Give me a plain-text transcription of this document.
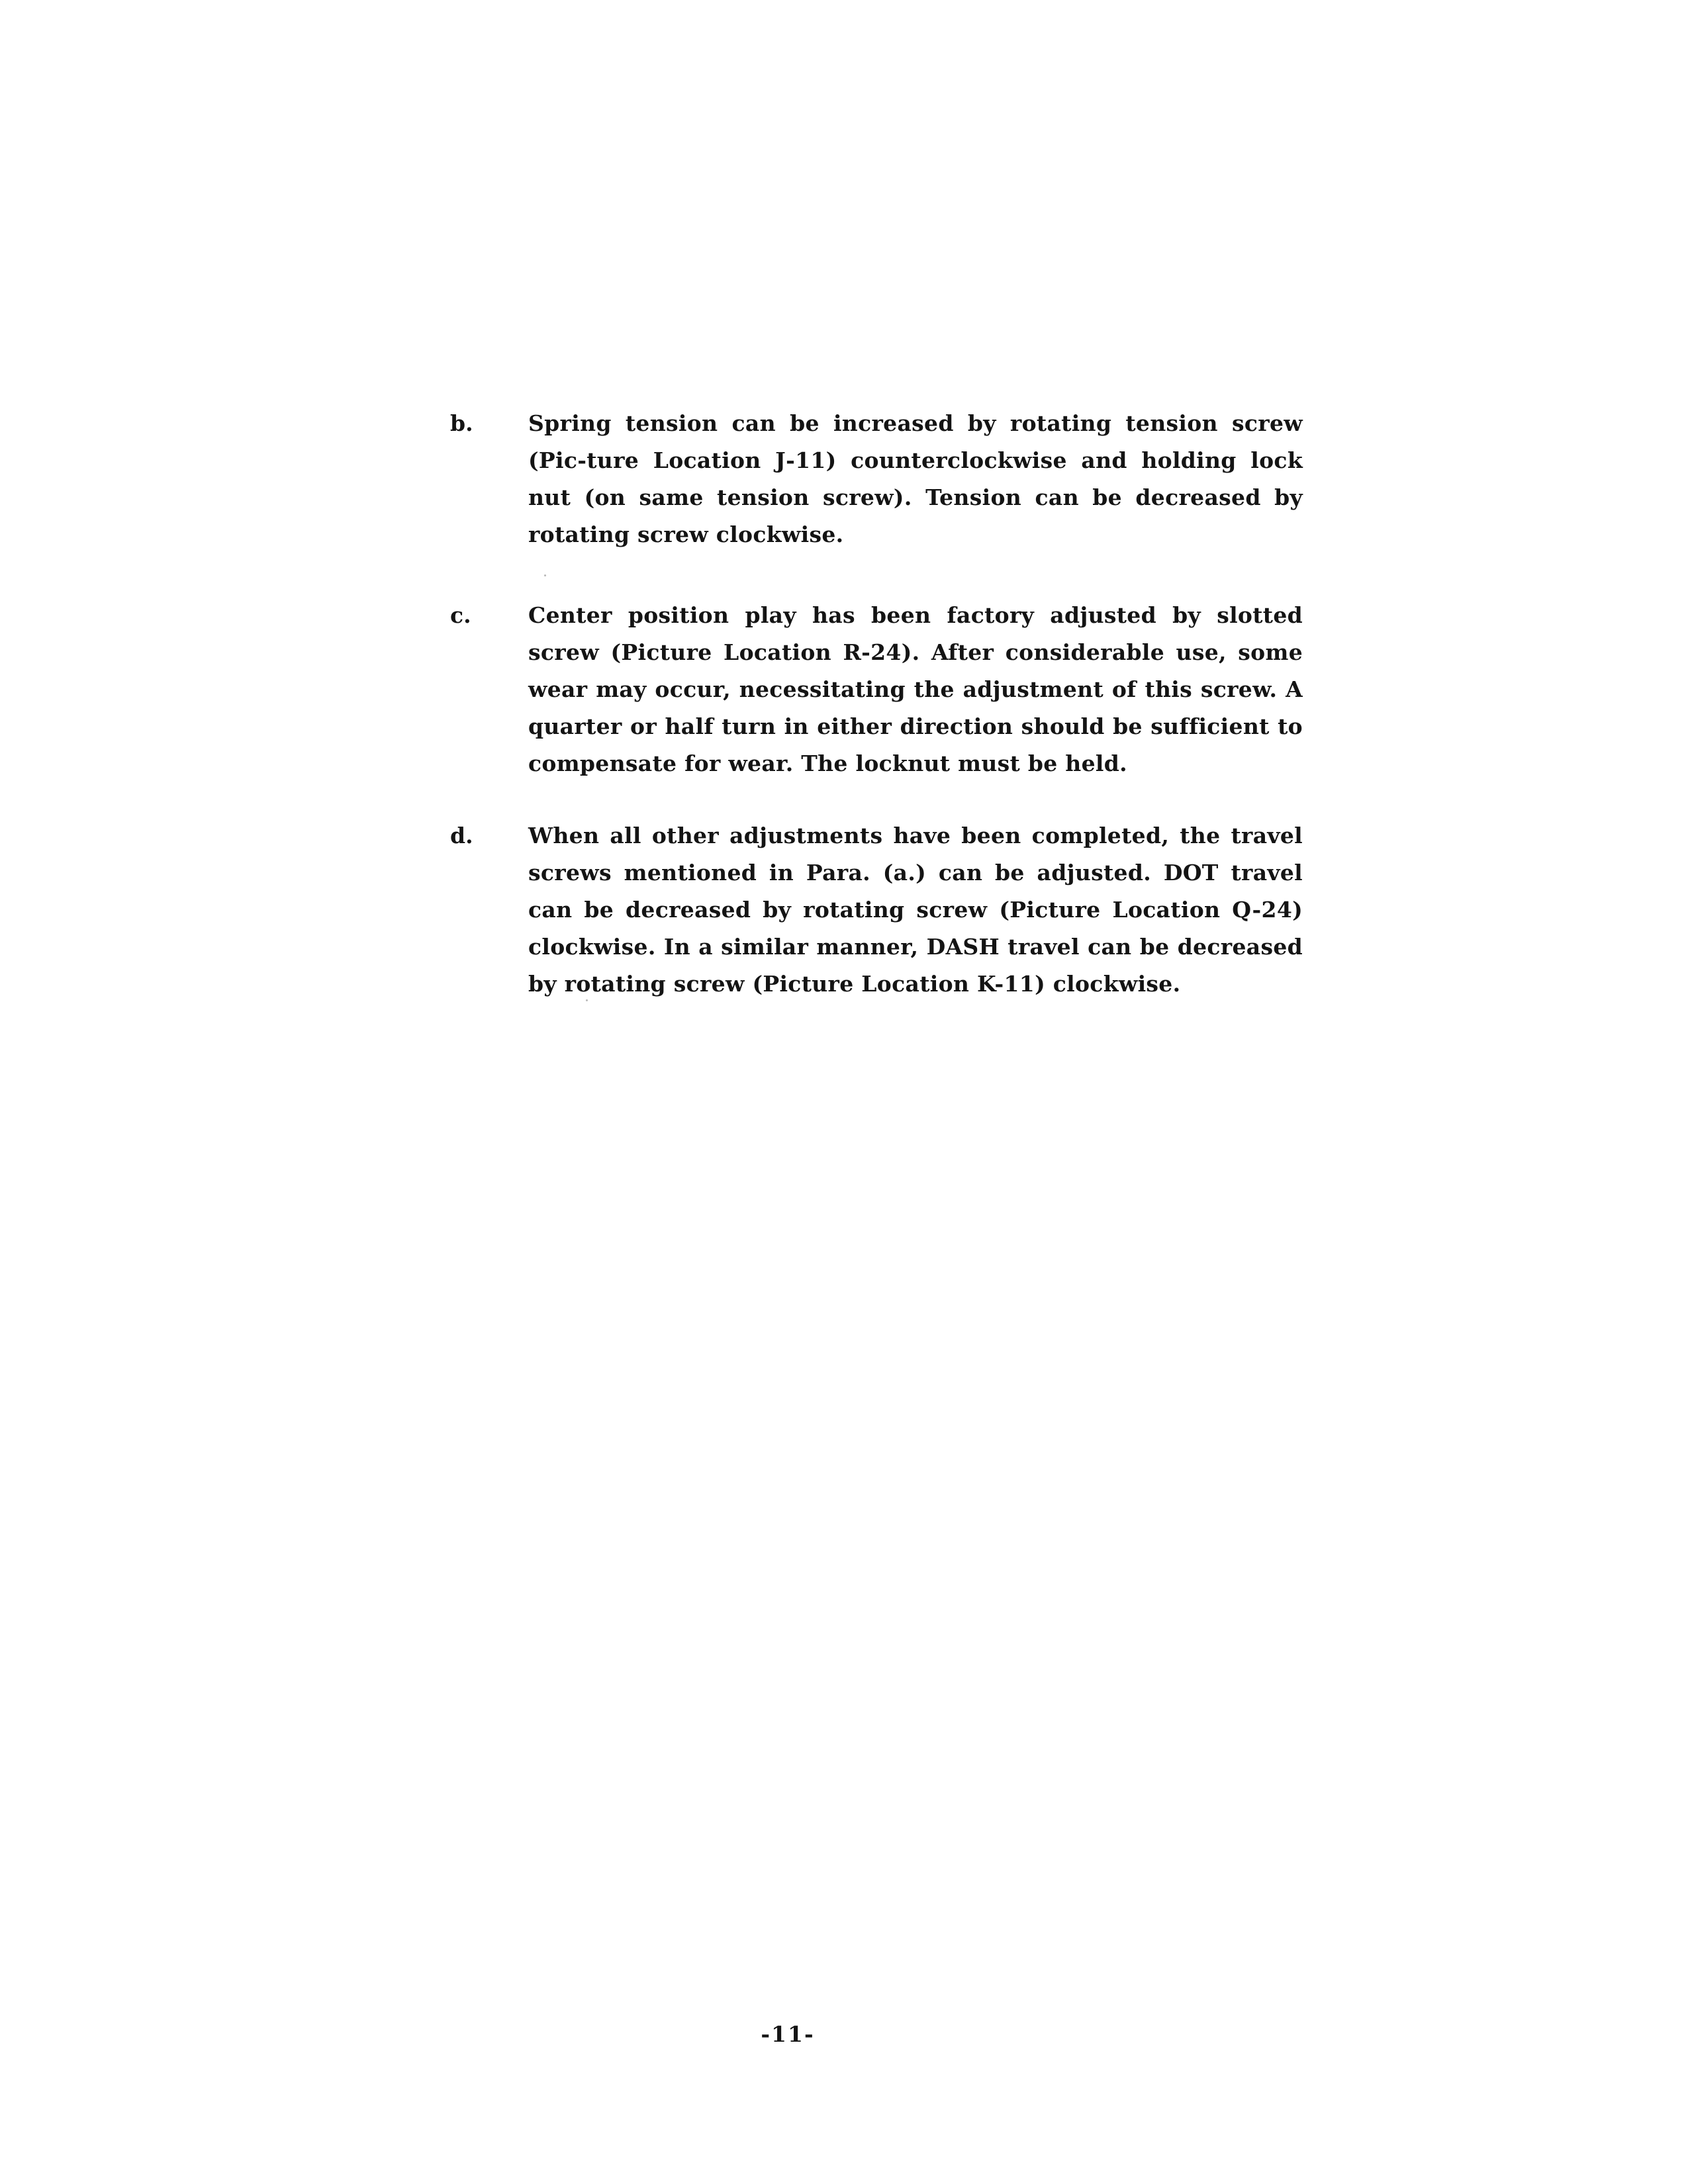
b.	Spring tension can be increased by rotating tension screw (Pic-ture Location J-11) counterclockwise and holding lock nut (on same tension screw). Tension can be decreased by rotating screw clockwise.
c.	Center position play has been factory adjusted by slotted screw (Picture Location R-24). After considerable use, some wear may occur, necessitating the adjustment of this screw. A quarter or half turn in either direction should be sufficient to compensate for wear. The locknut must be held.
d.	When all other adjustments have been completed, the travel screws mentioned in Para. (a.) can be adjusted. DOT travel can be decreased by rotating screw (Picture Location Q-24) clockwise. In a similar manner, DASH travel can be decreased by rotating screw (Picture Location K-11) clockwise.
-11-
